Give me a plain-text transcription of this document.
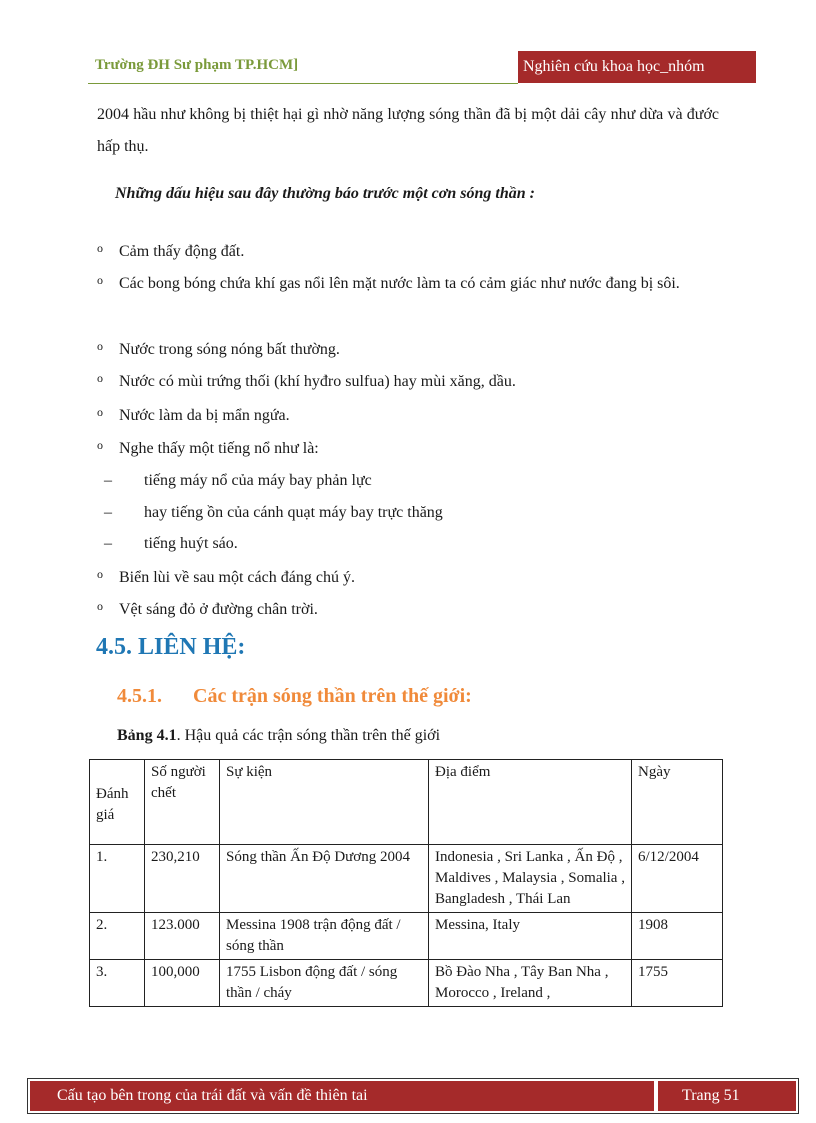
Trường ĐH Sư phạm TP.HCM]	Nghiên cứu khoa học_nhóm
2004 hầu như không bị thiệt hại gì nhờ năng lượng sóng thần đã bị một dải cây như dừa và đước hấp thụ.
Những dấu hiệu sau đây thường báo trước một cơn sóng thần :
o Cảm thấy động đất.
o Các bong bóng chứa khí gas nổi lên mặt nước làm ta có cảm giác như nước đang bị sôi.
o Nước trong sóng nóng bất thường.
o Nước có mùi trứng thối (khí hyđro sulfua) hay mùi xăng, dầu.
o Nước làm da bị mẩn ngứa.
o Nghe thấy một tiếng nổ như là:
– tiếng máy nổ của máy bay phản lực
– hay tiếng ồn của cánh quạt máy bay trực thăng
– tiếng huýt sáo.
o Biển lùi về sau một cách đáng chú ý.
o Vệt sáng đỏ ở đường chân trời.
4.5. LIÊN HỆ:
4.5.1. Các trận sóng thần trên thế giới:
Bảng 4.1. Hậu quả các trận sóng thần trên thế giới
Đánh giá	Số người chết	Sự kiện	Địa điểm	Ngày
1.	230,210	Sóng thần Ấn Độ Dương 2004	Indonesia , Sri Lanka , Ấn Độ , Maldives , Malaysia , Somalia , Bangladesh , Thái Lan	6/12/2004
2.	123.000	Messina 1908 trận động đất / sóng thần	Messina, Italy	1908
3.	100,000	1755 Lisbon động đất / sóng thần / cháy	Bồ Đào Nha , Tây Ban Nha , Morocco , Ireland ,	1755
Cấu tạo bên trong của trái đất và vấn đề thiên tai	Trang 51
